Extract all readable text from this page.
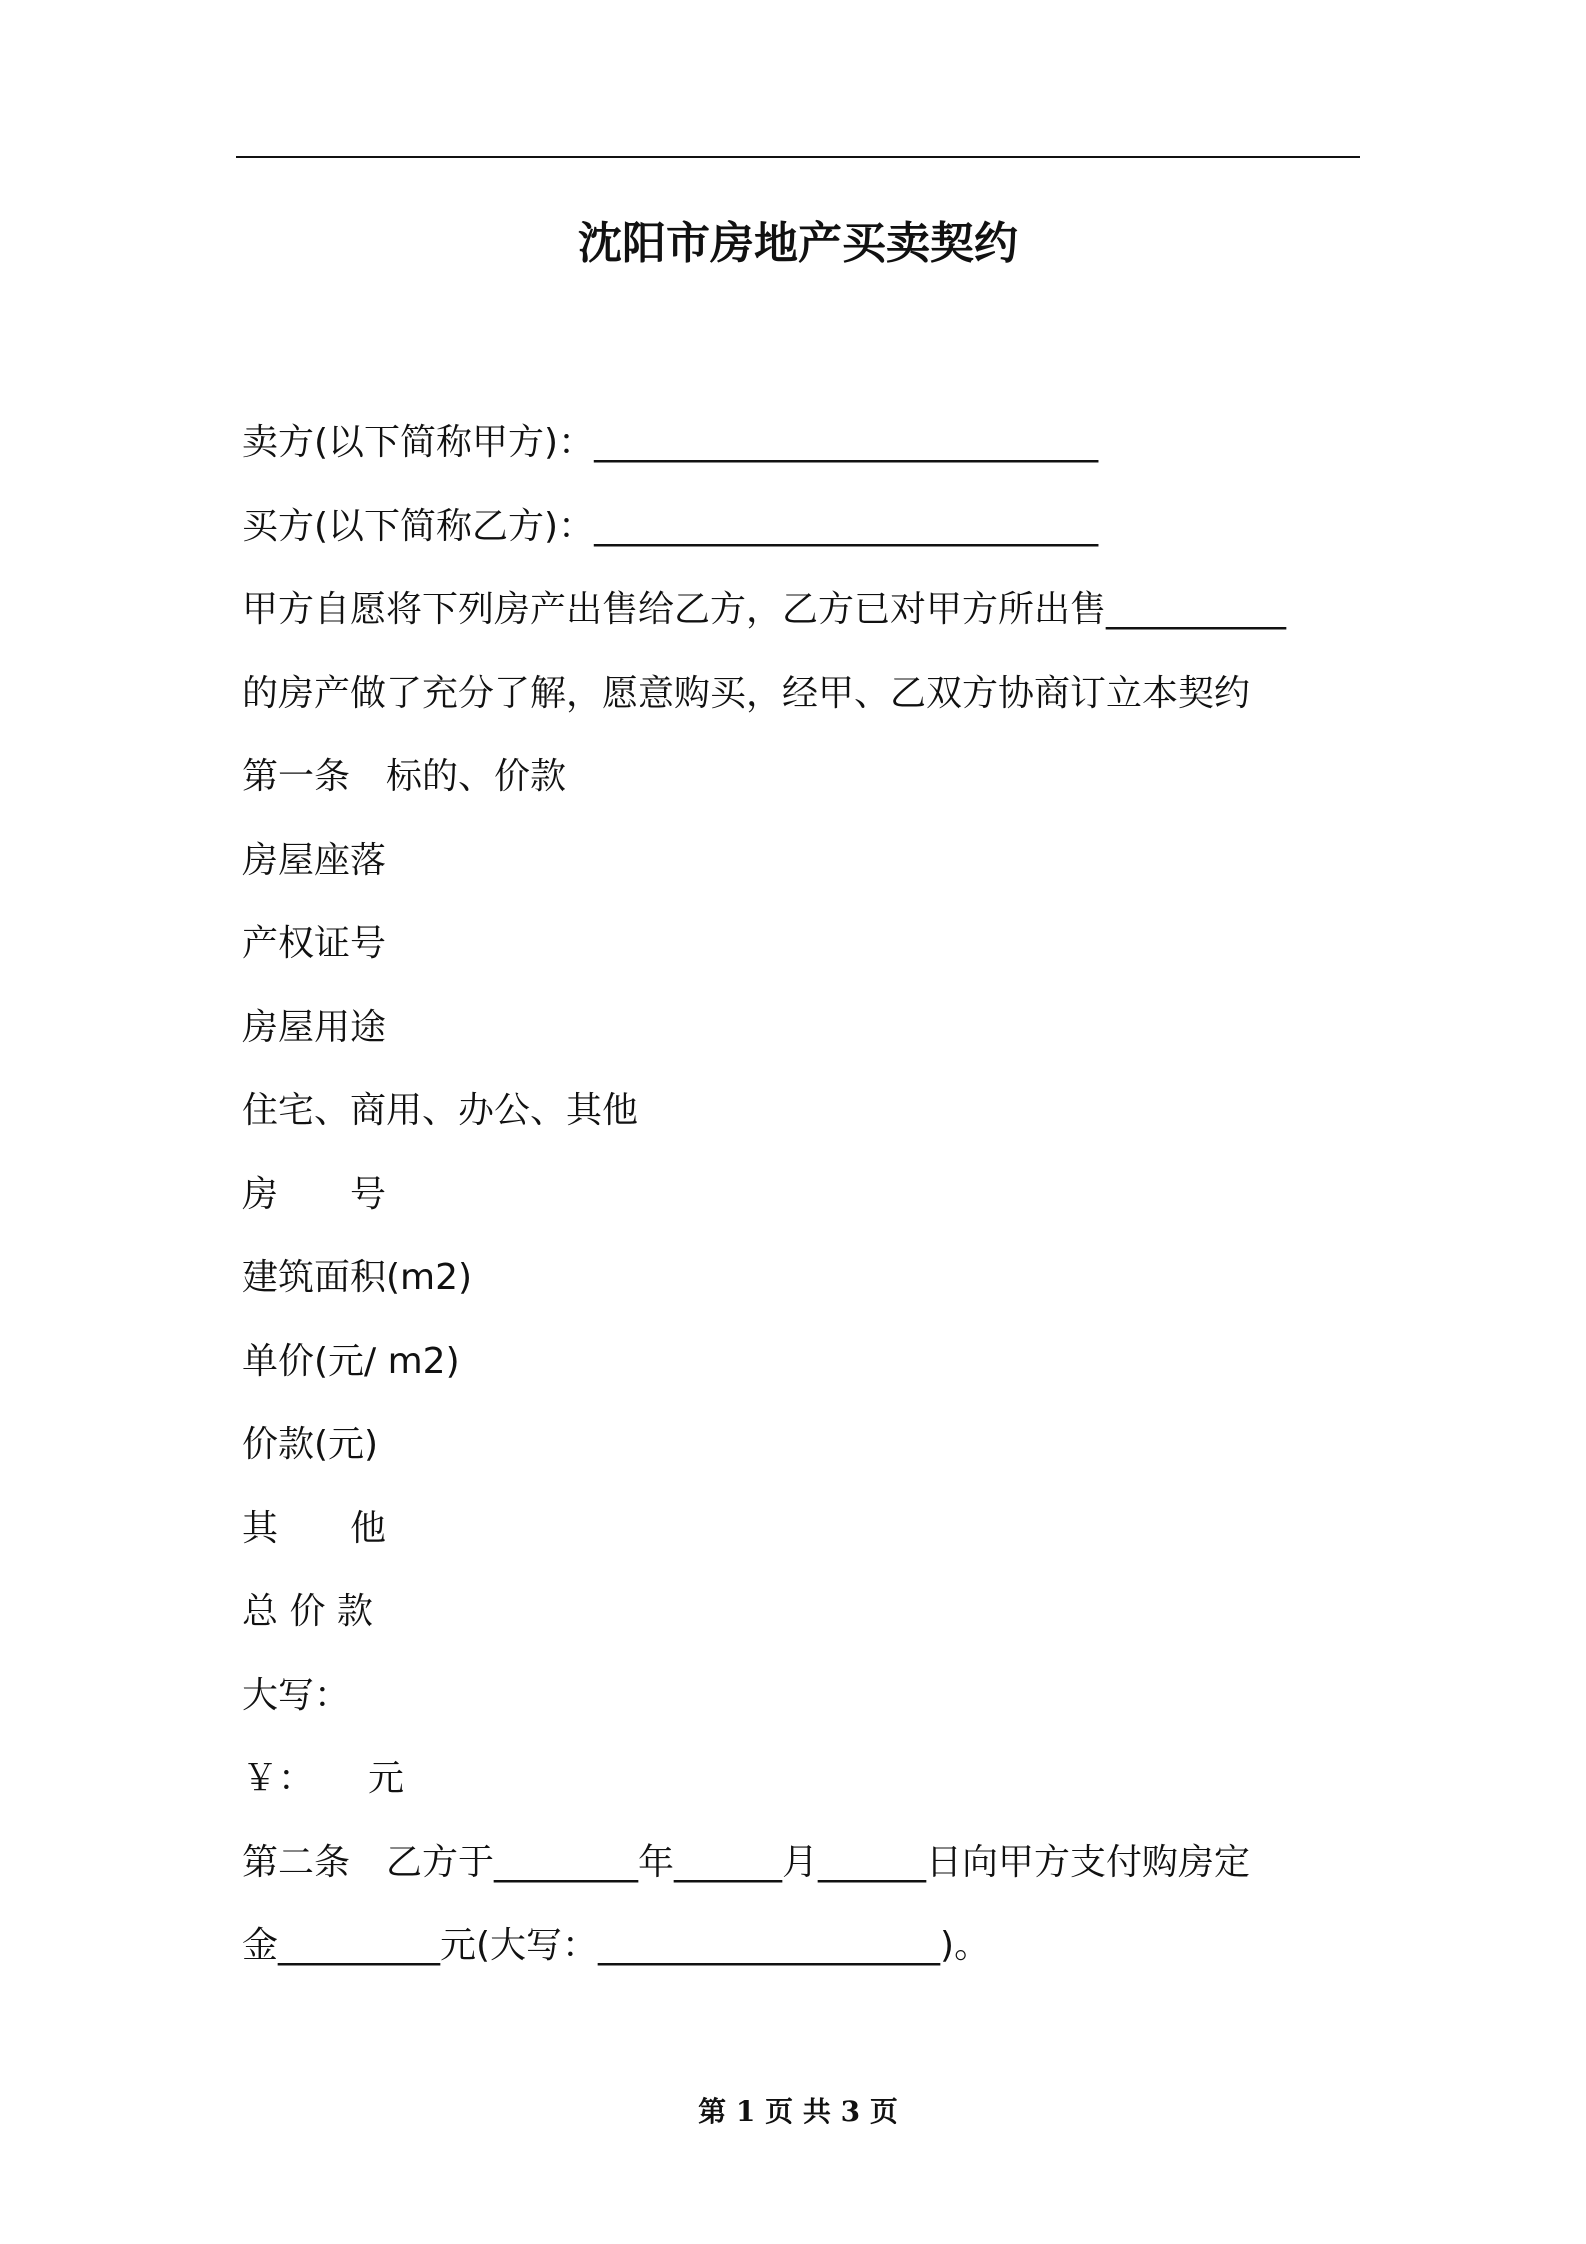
沈阳市房地产买卖契约
卖方(以下简称甲方)：____________________________
买方(以下简称乙方)：____________________________
甲方自愿将下列房产出售给乙方，乙方已对甲方所出售__________
的房产做了充分了解，愿意购买，经甲、乙双方协商订立本契约
第一条　标的、价款
房屋座落
产权证号
房屋用途
住宅、商用、办公、其他
房　　号
建筑面积(m2)
单价(元/ m2)
价款(元)
其　　他
总 价 款
大写：
￥：　　元
第二条　乙方于________年______月______日向甲方支付购房定
金_________元(大写：___________________)。
第 1 页 共 3 页
